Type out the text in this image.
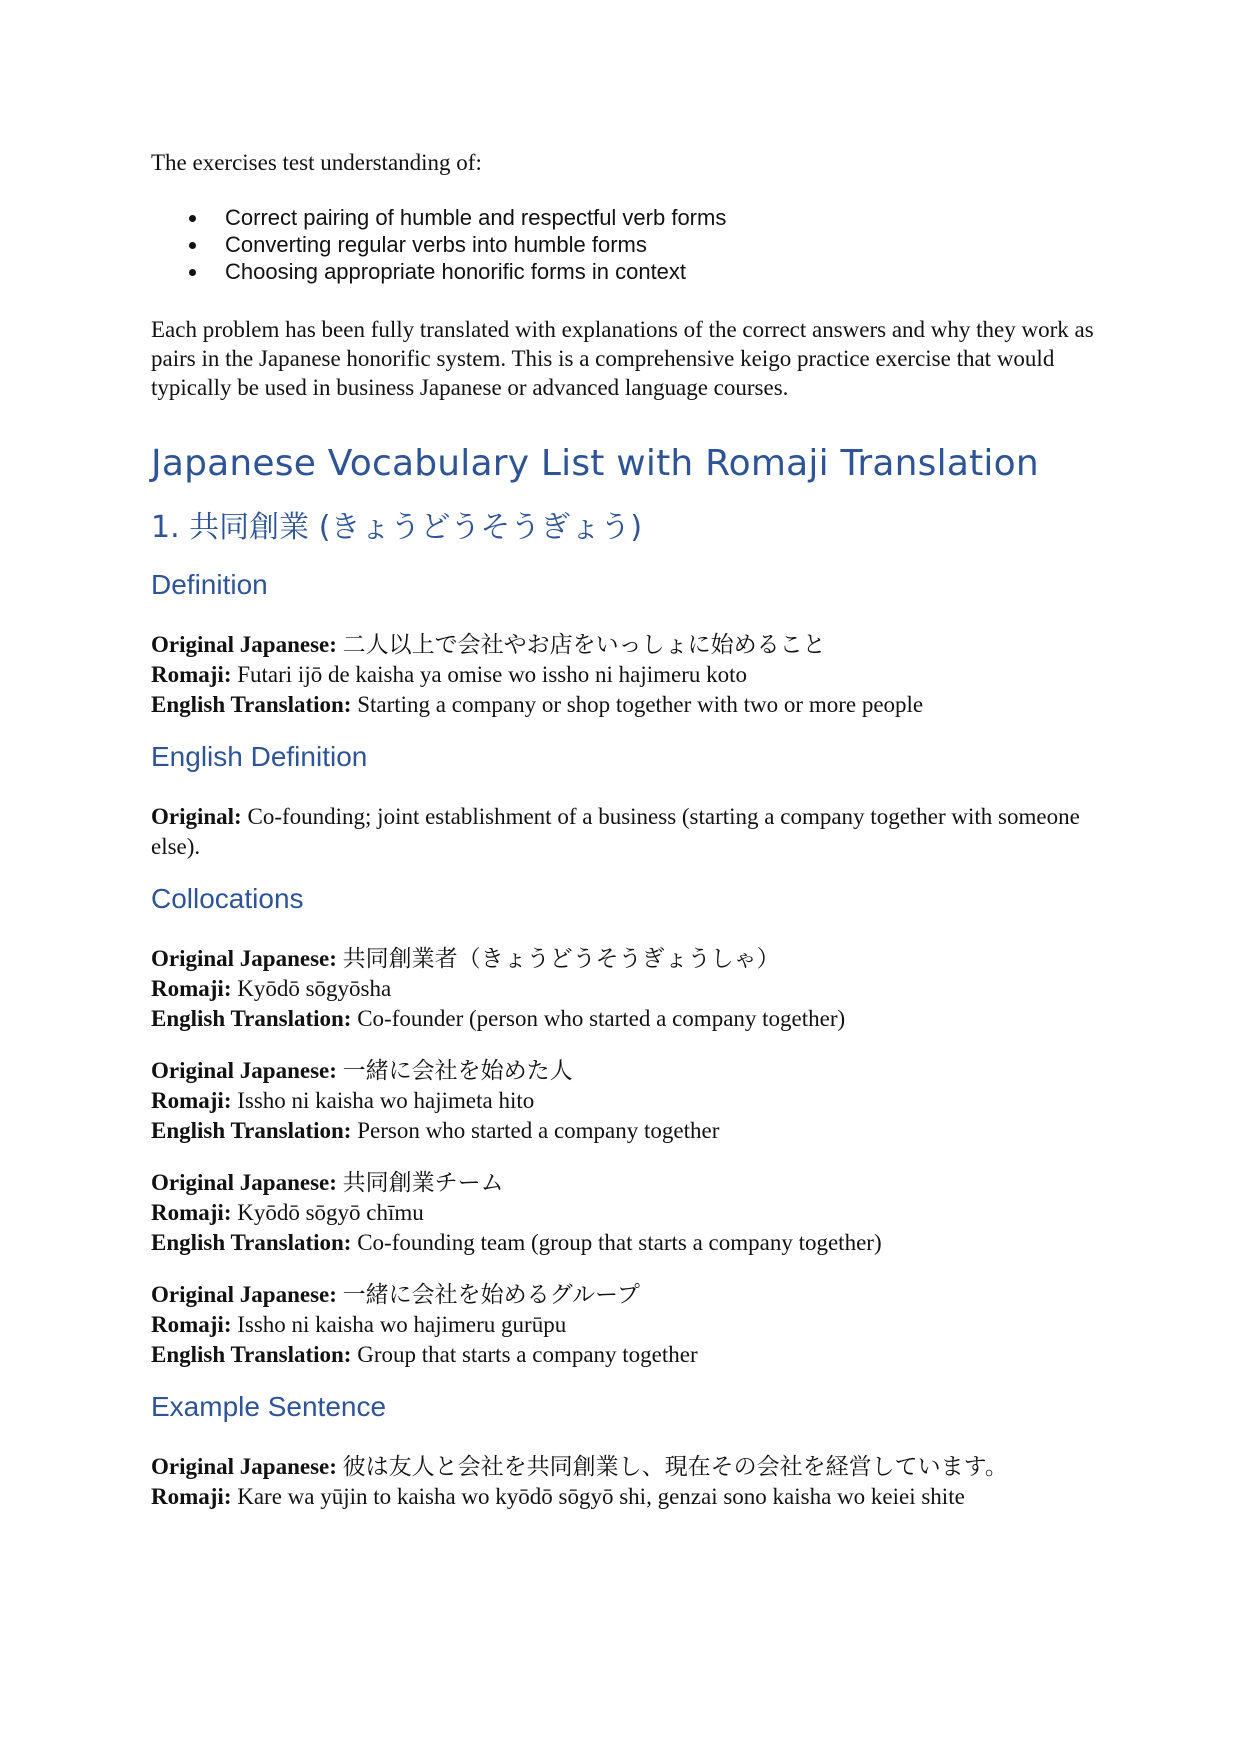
The exercises test understanding of:

Correct pairing of humble and respectful verb forms
Converting regular verbs into humble forms
Choosing appropriate honorific forms in context

Each problem has been fully translated with explanations of the correct answers and why they work as pairs in the Japanese honorific system. This is a comprehensive keigo practice exercise that would typically be used in business Japanese or advanced language courses.

Japanese Vocabulary List with Romaji Translation
1. 共同創業 (きょうどうそうぎょう)
Definition
Original Japanese: 二人以上で会社やお店をいっしょに始めること
Romaji: Futari ijō de kaisha ya omise wo issho ni hajimeru koto
English Translation: Starting a company or shop together with two or more people
English Definition
Original: Co-founding; joint establishment of a business (starting a company together with someone else).
Collocations
Original Japanese: 共同創業者（きょうどうそうぎょうしゃ）
Romaji: Kyōdō sōgyōsha
English Translation: Co-founder (person who started a company together)
Original Japanese: 一緒に会社を始めた人
Romaji: Issho ni kaisha wo hajimeta hito
English Translation: Person who started a company together
Original Japanese: 共同創業チーム
Romaji: Kyōdō sōgyō chīmu
English Translation: Co-founding team (group that starts a company together)
Original Japanese: 一緒に会社を始めるグループ
Romaji: Issho ni kaisha wo hajimeru gurūpu
English Translation: Group that starts a company together
Example Sentence
Original Japanese: 彼は友人と会社を共同創業し、現在その会社を経営しています。
Romaji: Kare wa yūjin to kaisha wo kyōdō sōgyō shi, genzai sono kaisha wo keiei shite
